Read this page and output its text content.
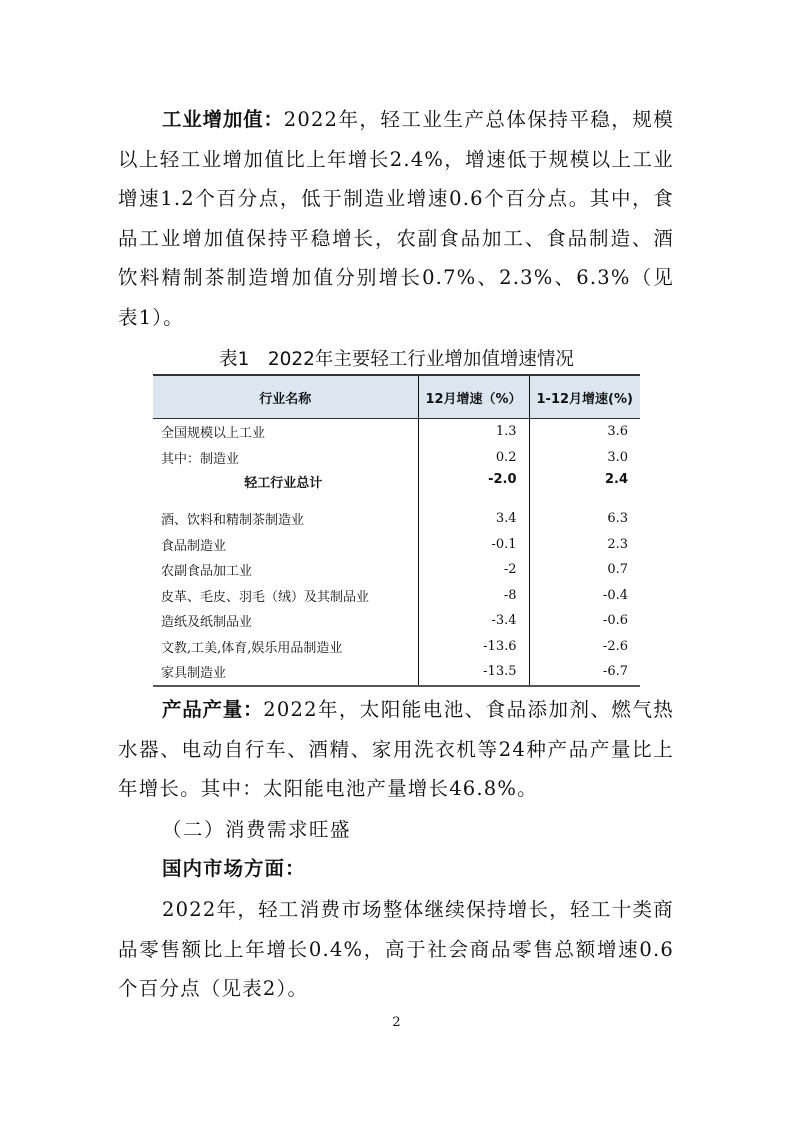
工业增加值：2022年，轻工业生产总体保持平稳，规模以上轻工业增加值比上年增长2.4%，增速低于规模以上工业增速1.2个百分点，低于制造业增速0.6个百分点。其中，食品工业增加值保持平稳增长，农副食品加工、食品制造、酒饮料精制茶制造增加值分别增长0.7%、2.3%、6.3%（见表1）。

表1　2022年主要轻工行业增加值增速情况

行业名称	12月增速（%）	1-12月增速(%)
全国规模以上工业	1.3	3.6
其中：制造业	0.2	3.0
轻工行业总计	-2.0	2.4
酒、饮料和精制茶制造业	3.4	6.3
食品制造业	-0.1	2.3
农副食品加工业	-2	0.7
皮革、毛皮、羽毛（绒）及其制品业	-8	-0.4
造纸及纸制品业	-3.4	-0.6
文教,工美,体育,娱乐用品制造业	-13.6	-2.6
家具制造业	-13.5	-6.7

产品产量：2022年，太阳能电池、食品添加剂、燃气热水器、电动自行车、酒精、家用洗衣机等24种产品产量比上年增长。其中：太阳能电池产量增长46.8%。

（二）消费需求旺盛

国内市场方面：

2022年，轻工消费市场整体继续保持增长，轻工十类商品零售额比上年增长0.4%，高于社会商品零售总额增速0.6个百分点（见表2）。

2
